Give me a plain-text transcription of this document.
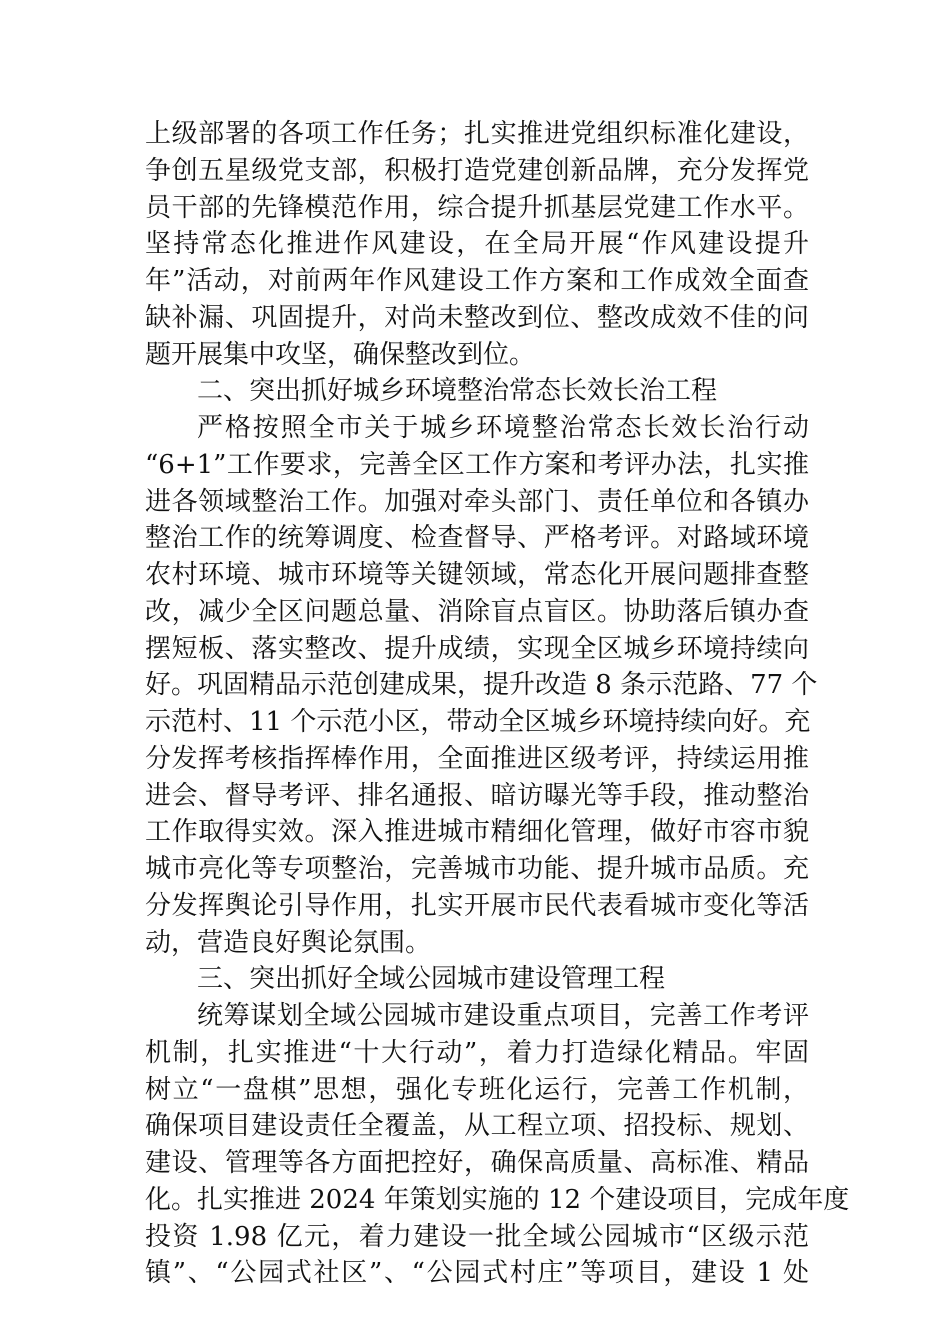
上级部署的各项工作任务；扎实推进党组织标准化建设，
争创五星级党支部，积极打造党建创新品牌，充分发挥党
员干部的先锋模范作用，综合提升抓基层党建工作水平。
坚持常态化推进作风建设，在全局开展“作风建设提升
年”活动，对前两年作风建设工作方案和工作成效全面查
缺补漏、巩固提升，对尚未整改到位、整改成效不佳的问
题开展集中攻坚，确保整改到位。
二、突出抓好城乡环境整治常态长效长治工程
严格按照全市关于城乡环境整治常态长效长治行动
“6+1”工作要求，完善全区工作方案和考评办法，扎实推
进各领域整治工作。加强对牵头部门、责任单位和各镇办
整治工作的统筹调度、检查督导、严格考评。对路域环境
农村环境、城市环境等关键领域，常态化开展问题排查整
改，减少全区问题总量、消除盲点盲区。协助落后镇办查
摆短板、落实整改、提升成绩，实现全区城乡环境持续向
好。巩固精品示范创建成果，提升改造 8 条示范路、77 个
示范村、11 个示范小区，带动全区城乡环境持续向好。充
分发挥考核指挥棒作用，全面推进区级考评，持续运用推
进会、督导考评、排名通报、暗访曝光等手段，推动整治
工作取得实效。深入推进城市精细化管理，做好市容市貌
城市亮化等专项整治，完善城市功能、提升城市品质。充
分发挥舆论引导作用，扎实开展市民代表看城市变化等活
动，营造良好舆论氛围。
三、突出抓好全域公园城市建设管理工程
统筹谋划全域公园城市建设重点项目，完善工作考评
机制，扎实推进“十大行动”，着力打造绿化精品。牢固
树立“一盘棋”思想，强化专班化运行，完善工作机制，
确保项目建设责任全覆盖，从工程立项、招投标、规划、
建设、管理等各方面把控好，确保高质量、高标准、精品
化。扎实推进 2024 年策划实施的 12 个建设项目，完成年度
投资 1.98 亿元，着力建设一批全域公园城市“区级示范
镇”、“公园式社区”、“公园式村庄”等项目，建设 1 处
